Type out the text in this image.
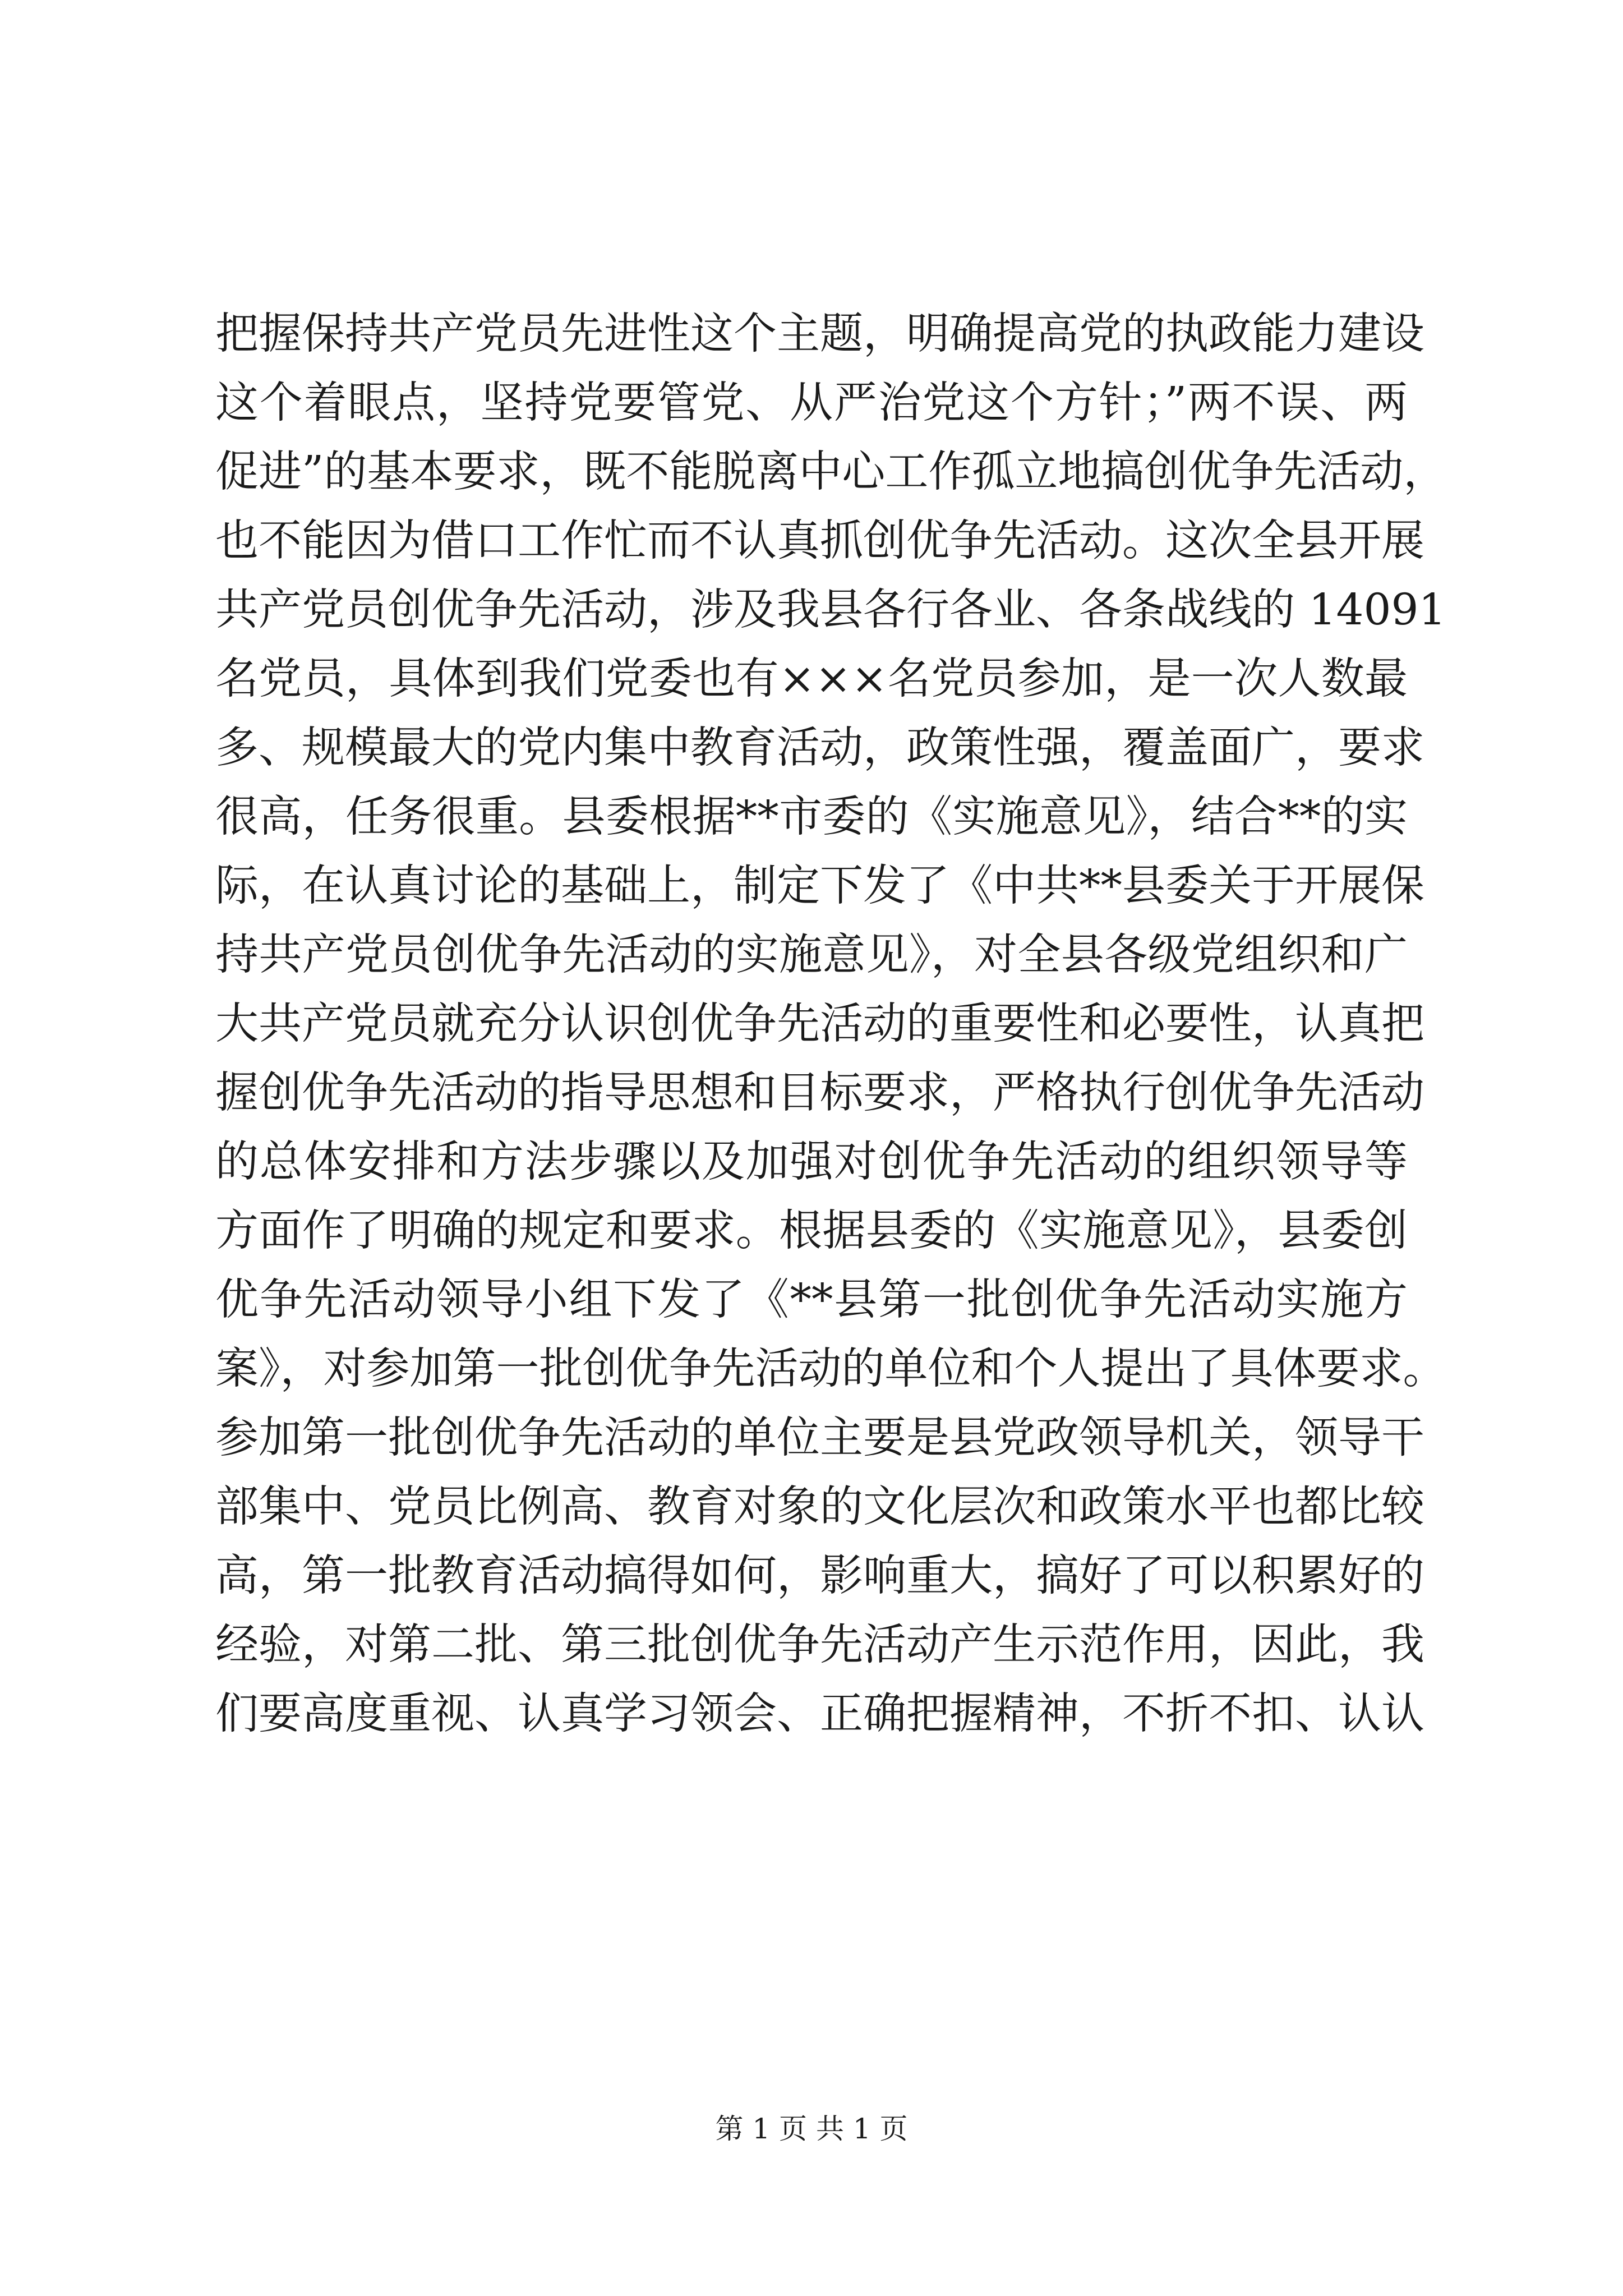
把握保持共产党员先进性这个主题，明确提高党的执政能力建设
这个着眼点，坚持党要管党、从严治党这个方针；”两不误、两
促进”的基本要求，既不能脱离中心工作孤立地搞创优争先活动，
也不能因为借口工作忙而不认真抓创优争先活动。这次全县开展
共产党员创优争先活动，涉及我县各行各业、各条战线的 14091
名党员，具体到我们党委也有×××名党员参加，是一次人数最
多、规模最大的党内集中教育活动，政策性强，覆盖面广，要求
很高，任务很重。县委根据**市委的《实施意见》，结合**的实
际，在认真讨论的基础上，制定下发了《中共**县委关于开展保
持共产党员创优争先活动的实施意见》，对全县各级党组织和广
大共产党员就充分认识创优争先活动的重要性和必要性，认真把
握创优争先活动的指导思想和目标要求，严格执行创优争先活动
的总体安排和方法步骤以及加强对创优争先活动的组织领导等
方面作了明确的规定和要求。根据县委的《实施意见》，县委创
优争先活动领导小组下发了《**县第一批创优争先活动实施方
案》，对参加第一批创优争先活动的单位和个人提出了具体要求。
参加第一批创优争先活动的单位主要是县党政领导机关，领导干
部集中、党员比例高、教育对象的文化层次和政策水平也都比较
高，第一批教育活动搞得如何，影响重大，搞好了可以积累好的
经验，对第二批、第三批创优争先活动产生示范作用，因此，我
们要高度重视、认真学习领会、正确把握精神，不折不扣、认认
第 1 页 共 1 页
